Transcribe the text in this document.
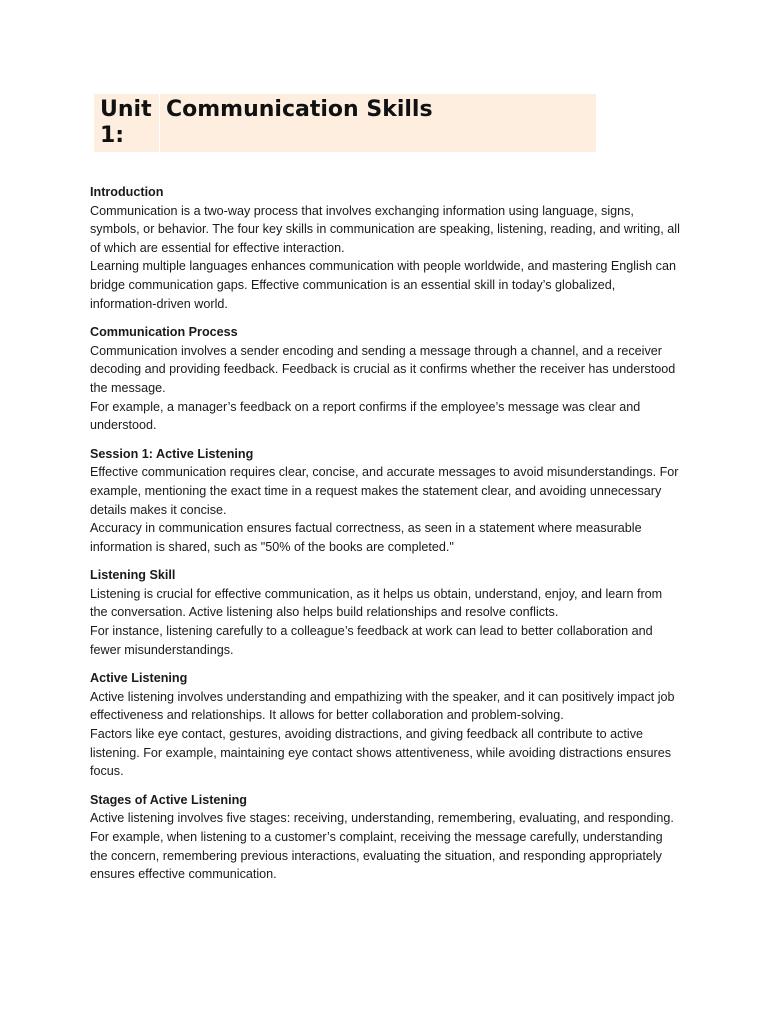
Unit
1:
Communication Skills

Introduction

Communication is a two-way process that involves exchanging information using language, signs, symbols, or behavior. The four key skills in communication are speaking, listening, reading, and writing, all of which are essential for effective interaction.

Learning multiple languages enhances communication with people worldwide, and mastering English can bridge communication gaps. Effective communication is an essential skill in today’s globalized, information-driven world.

Communication Process

Communication involves a sender encoding and sending a message through a channel, and a receiver decoding and providing feedback. Feedback is crucial as it confirms whether the receiver has understood the message.

For example, a manager’s feedback on a report confirms if the employee’s message was clear and understood.

Session 1: Active Listening

Effective communication requires clear, concise, and accurate messages to avoid misunderstandings. For example, mentioning the exact time in a request makes the statement clear, and avoiding unnecessary details makes it concise.

Accuracy in communication ensures factual correctness, as seen in a statement where measurable information is shared, such as "50% of the books are completed."

Listening Skill

Listening is crucial for effective communication, as it helps us obtain, understand, enjoy, and learn from the conversation. Active listening also helps build relationships and resolve conflicts.

For instance, listening carefully to a colleague’s feedback at work can lead to better collaboration and fewer misunderstandings.

Active Listening

Active listening involves understanding and empathizing with the speaker, and it can positively impact job effectiveness and relationships. It allows for better collaboration and problem-solving.

Factors like eye contact, gestures, avoiding distractions, and giving feedback all contribute to active listening. For example, maintaining eye contact shows attentiveness, while avoiding distractions ensures focus.

Stages of Active Listening

Active listening involves five stages: receiving, understanding, remembering, evaluating, and responding. For example, when listening to a customer’s complaint, receiving the message carefully, understanding the concern, remembering previous interactions, evaluating the situation, and responding appropriately ensures effective communication.
